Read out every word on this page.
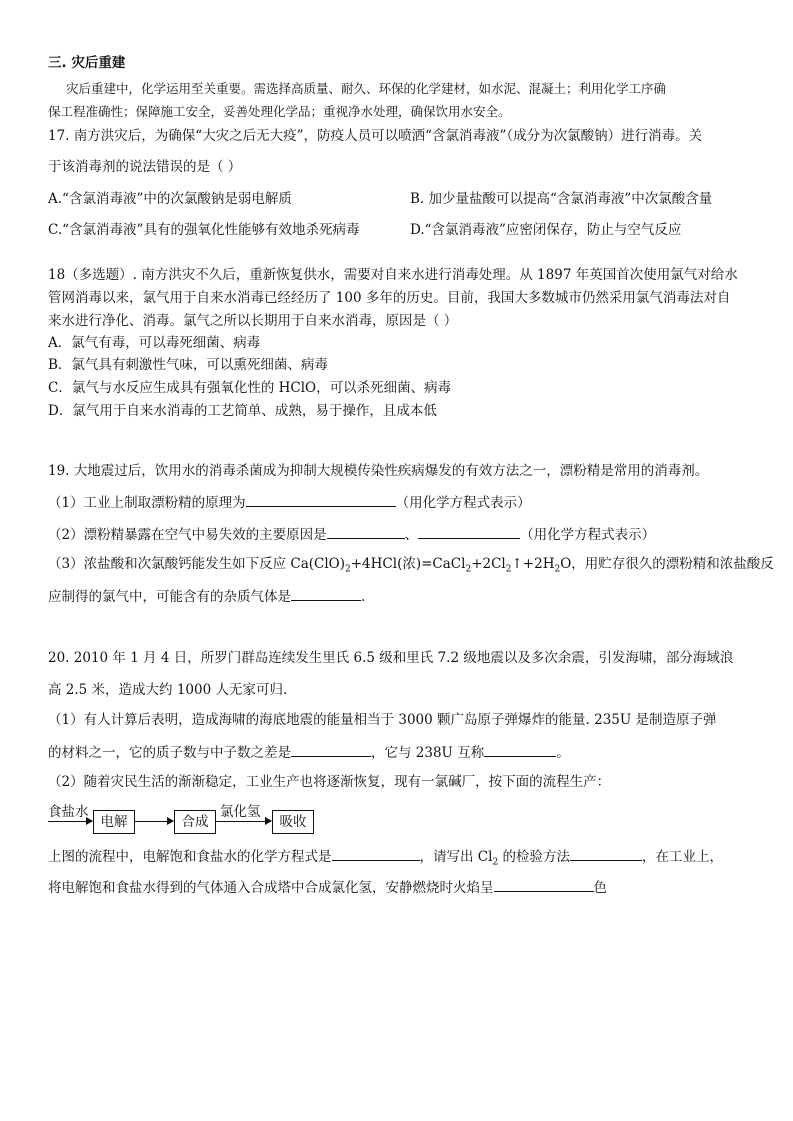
三. 灾后重建
灾后重建中，化学运用至关重要。需选择高质量、耐久、环保的化学建材，如水泥、混凝土；利用化学工序确
保工程准确性；保障施工安全，妥善处理化学品；重视净水处理，确保饮用水安全。
17. 南方洪灾后，为确保“大灾之后无大疫”，防疫人员可以喷洒“含氯消毒液”（成分为次氯酸钠）进行消毒。关
于该消毒剂的说法错误的是（ ）
A.“含氯消毒液”中的次氯酸钠是弱电解质	B. 加少量盐酸可以提高“含氯消毒液”中次氯酸含量
C.“含氯消毒液”具有的强氧化性能够有效地杀死病毒	D.“含氯消毒液”应密闭保存，防止与空气反应
18（多选题）. 南方洪灾不久后，重新恢复供水，需要对自来水进行消毒处理。从 1897 年英国首次使用氯气对给水
管网消毒以来，氯气用于自来水消毒已经经历了 100 多年的历史。目前，我国大多数城市仍然采用氯气消毒法对自
来水进行净化、消毒。氯气之所以长期用于自来水消毒，原因是（ ）
A．氯气有毒，可以毒死细菌、病毒
B．氯气具有刺激性气味，可以熏死细菌、病毒
C．氯气与水反应生成具有强氧化性的 HClO，可以杀死细菌、病毒
D．氯气用于自来水消毒的工艺简单、成熟，易于操作，且成本低
19. 大地震过后，饮用水的消毒杀菌成为抑制大规模传染性疾病爆发的有效方法之一，漂粉精是常用的消毒剂。
（1）工业上制取漂粉精的原理为	（用化学方程式表示）
（2）漂粉精暴露在空气中易失效的主要原因是	、	（用化学方程式表示）
（3）浓盐酸和次氯酸钙能发生如下反应 $Ca(ClO)_2+4HCl$(浓)$=CaCl_2+2Cl_2↑+2H_2O$，用贮存很久的漂粉精和浓盐酸反
应制得的氯气中，可能含有的杂质气体是	.
20. 2010 年 1 月 4 日，所罗门群岛连续发生里氏 6.5 级和里氏 7.2 级地震以及多次余震，引发海啸，部分海域浪
高 2.5 米，造成大约 1000 人无家可归.
（1）有人计算后表明，造成海啸的海底地震的能量相当于 3000 颗广岛原子弹爆炸的能量. 235U 是制造原子弹
的材料之一，它的质子数与中子数之差是	，它与 238U 互称	。
（2）随着灾民生活的渐渐稳定，工业生产也将逐渐恢复，现有一氯碱厂，按下面的流程生产：
食盐水
电解	合成
氯化氢
吸收
上图的流程中，电解饱和食盐水的化学方程式是	，请写出 $Cl_2$ 的检验方法	，在工业上，
将电解饱和食盐水得到的气体通入合成塔中合成氯化氢，安静燃烧时火焰呈	色
